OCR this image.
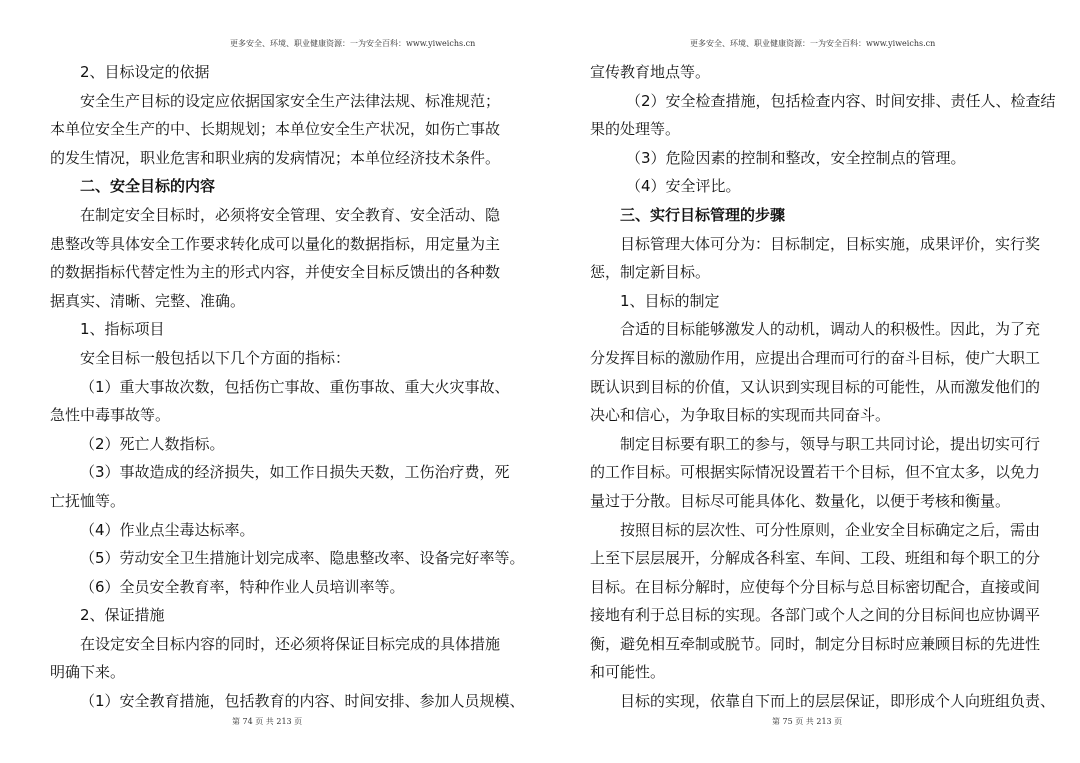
更多安全、环境、职业健康资源：一为安全百科：www.yiweichs.cn
2、目标设定的依据
安全生产目标的设定应依据国家安全生产法律法规、标准规范；
本单位安全生产的中、长期规划；本单位安全生产状况，如伤亡事故
的发生情况，职业危害和职业病的发病情况；本单位经济技术条件。
二、安全目标的内容
在制定安全目标时，必须将安全管理、安全教育、安全活动、隐
患整改等具体安全工作要求转化成可以量化的数据指标，用定量为主
的数据指标代替定性为主的形式内容，并使安全目标反馈出的各种数
据真实、清晰、完整、准确。
1、指标项目
安全目标一般包括以下几个方面的指标：
（1）重大事故次数，包括伤亡事故、重伤事故、重大火灾事故、
急性中毒事故等。
（2）死亡人数指标。
（3）事故造成的经济损失，如工作日损失天数，工伤治疗费，死
亡抚恤等。
（4）作业点尘毒达标率。
（5）劳动安全卫生措施计划完成率、隐患整改率、设备完好率等。
（6）全员安全教育率，特种作业人员培训率等。
2、保证措施
在设定安全目标内容的同时，还必须将保证目标完成的具体措施
明确下来。
（1）安全教育措施，包括教育的内容、时间安排、参加人员规模、
第 74 页 共 213 页
更多安全、环境、职业健康资源：一为安全百科：www.yiweichs.cn
宣传教育地点等。
（2）安全检查措施，包括检查内容、时间安排、责任人、检查结
果的处理等。
（3）危险因素的控制和整改，安全控制点的管理。
（4）安全评比。
三、实行目标管理的步骤
目标管理大体可分为：目标制定，目标实施，成果评价，实行奖
惩，制定新目标。
1、目标的制定
合适的目标能够激发人的动机，调动人的积极性。因此，为了充
分发挥目标的激励作用，应提出合理而可行的奋斗目标，使广大职工
既认识到目标的价值，又认识到实现目标的可能性，从而激发他们的
决心和信心，为争取目标的实现而共同奋斗。
制定目标要有职工的参与，领导与职工共同讨论，提出切实可行
的工作目标。可根据实际情况设置若干个目标，但不宜太多，以免力
量过于分散。目标尽可能具体化、数量化，以便于考核和衡量。
按照目标的层次性、可分性原则，企业安全目标确定之后，需由
上至下层层展开，分解成各科室、车间、工段、班组和每个职工的分
目标。在目标分解时，应使每个分目标与总目标密切配合，直接或间
接地有利于总目标的实现。各部门或个人之间的分目标间也应协调平
衡，避免相互牵制或脱节。同时，制定分目标时应兼顾目标的先进性
和可能性。
目标的实现，依靠自下而上的层层保证，即形成个人向班组负责、
第 75 页 共 213 页
